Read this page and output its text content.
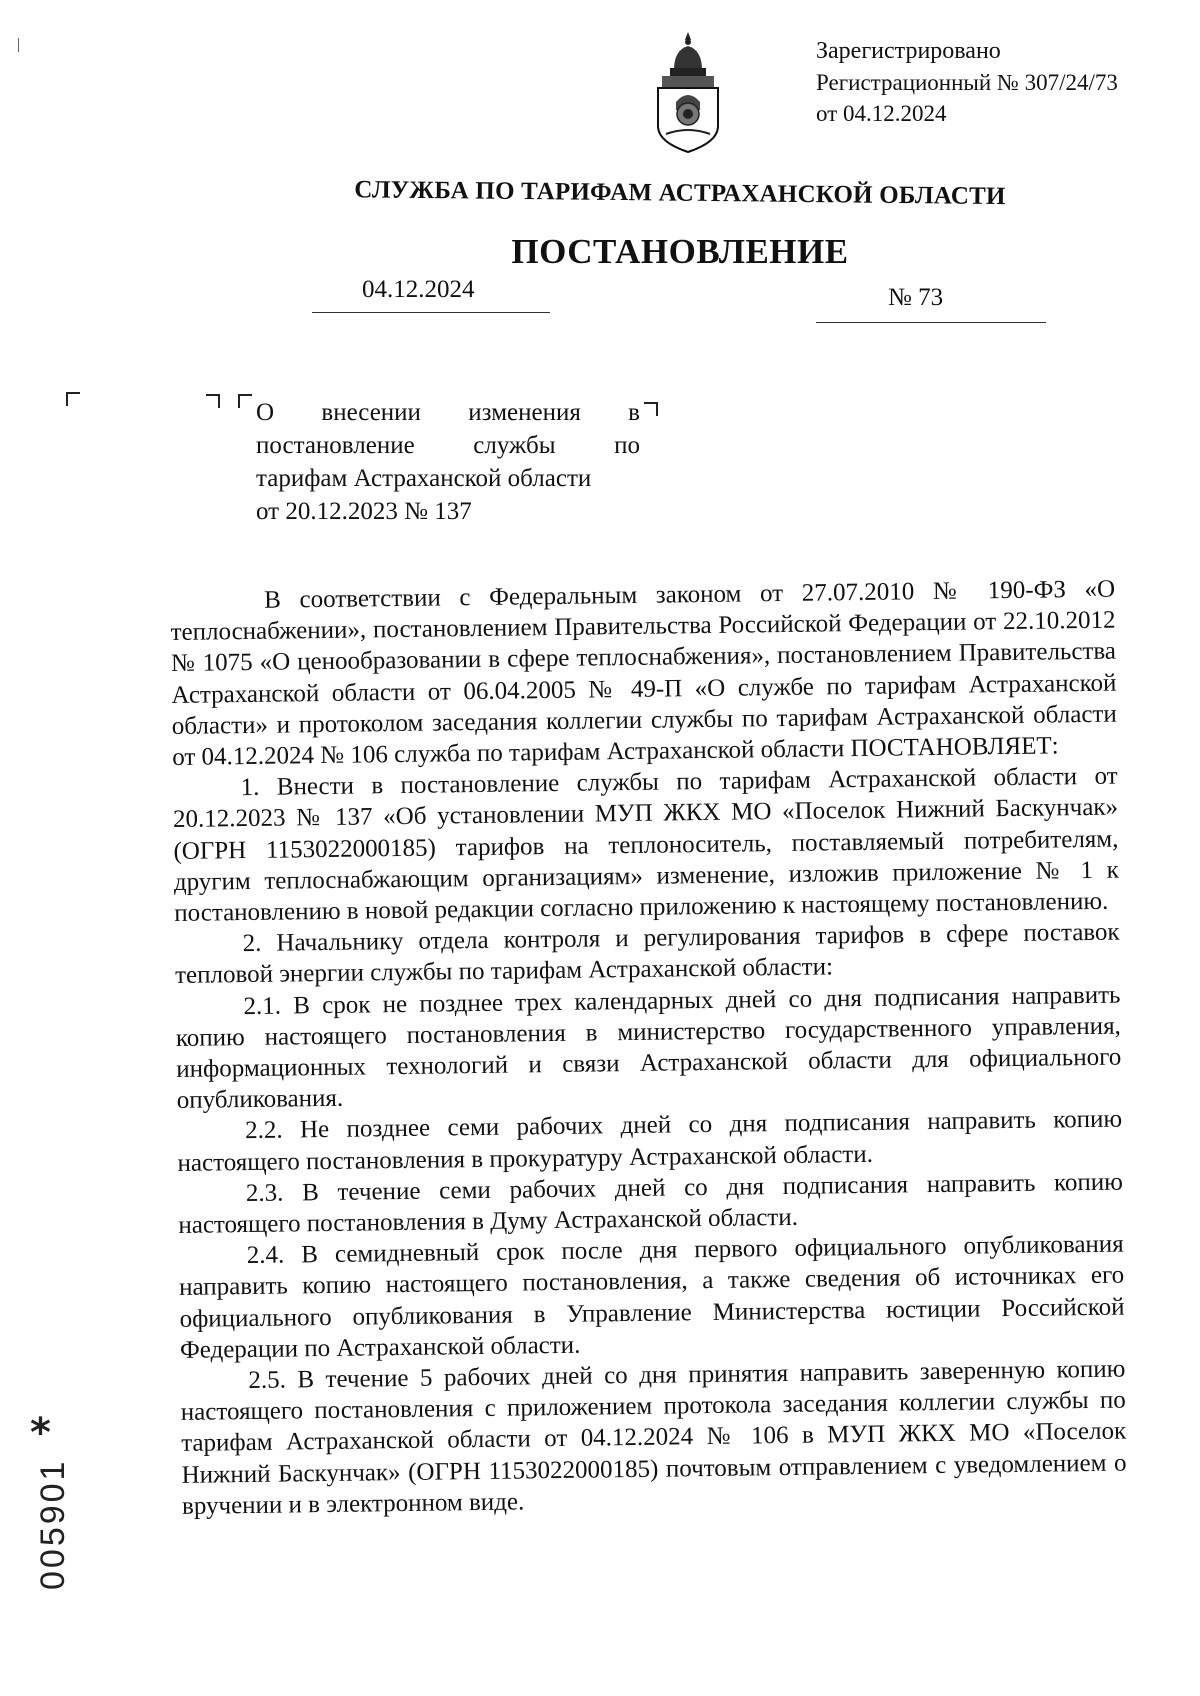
Зарегистрировано
Регистрационный № 307/24/73
от 04.12.2024
СЛУЖБА ПО ТАРИФАМ АСТРАХАНСКОЙ ОБЛАСТИ
ПОСТАНОВЛЕНИЕ
04.12.2024	№ 73
О внесении изменения в
постановление службы по
тарифам Астраханской области
от 20.12.2023 № 137

В соответствии с Федеральным законом от 27.07.2010 № 190-ФЗ «О теплоснабжении», постановлением Правительства Российской Федерации от 22.10.2012 № 1075 «О ценообразовании в сфере теплоснабжения», постановлением Правительства Астраханской области от 06.04.2005 № 49-П «О службе по тарифам Астраханской области» и протоколом заседания коллегии службы по тарифам Астраханской области от 04.12.2024 № 106 служба по тарифам Астраханской области ПОСТАНОВЛЯЕТ:

1. Внести в постановление службы по тарифам Астраханской области от 20.12.2023 № 137 «Об установлении МУП ЖКХ МО «Поселок Нижний Баскунчак» (ОГРН 1153022000185) тарифов на теплоноситель, поставляемый потребителям, другим теплоснабжающим организациям» изменение, изложив приложение № 1 к постановлению в новой редакции согласно приложению к настоящему постановлению.

2. Начальнику отдела контроля и регулирования тарифов в сфере поставок тепловой энергии службы по тарифам Астраханской области:

2.1. В срок не позднее трех календарных дней со дня подписания направить копию настоящего постановления в министерство государственного управления, информационных технологий и связи Астраханской области для официального опубликования.

2.2. Не позднее семи рабочих дней со дня подписания направить копию настоящего постановления в прокуратуру Астраханской области.

2.3. В течение семи рабочих дней со дня подписания направить копию настоящего постановления в Думу Астраханской области.

2.4. В семидневный срок после дня первого официального опубликования направить копию настоящего постановления, а также сведения об источниках его официального опубликования в Управление Министерства юстиции Российской Федерации по Астраханской области.

2.5. В течение 5 рабочих дней со дня принятия направить заверенную копию настоящего постановления с приложением протокола заседания коллегии службы по тарифам Астраханской области от 04.12.2024 № 106 в МУП ЖКХ МО «Поселок Нижний Баскунчак» (ОГРН 1153022000185) почтовым отправлением с уведомлением о вручении и в электронном виде.

*
005901
